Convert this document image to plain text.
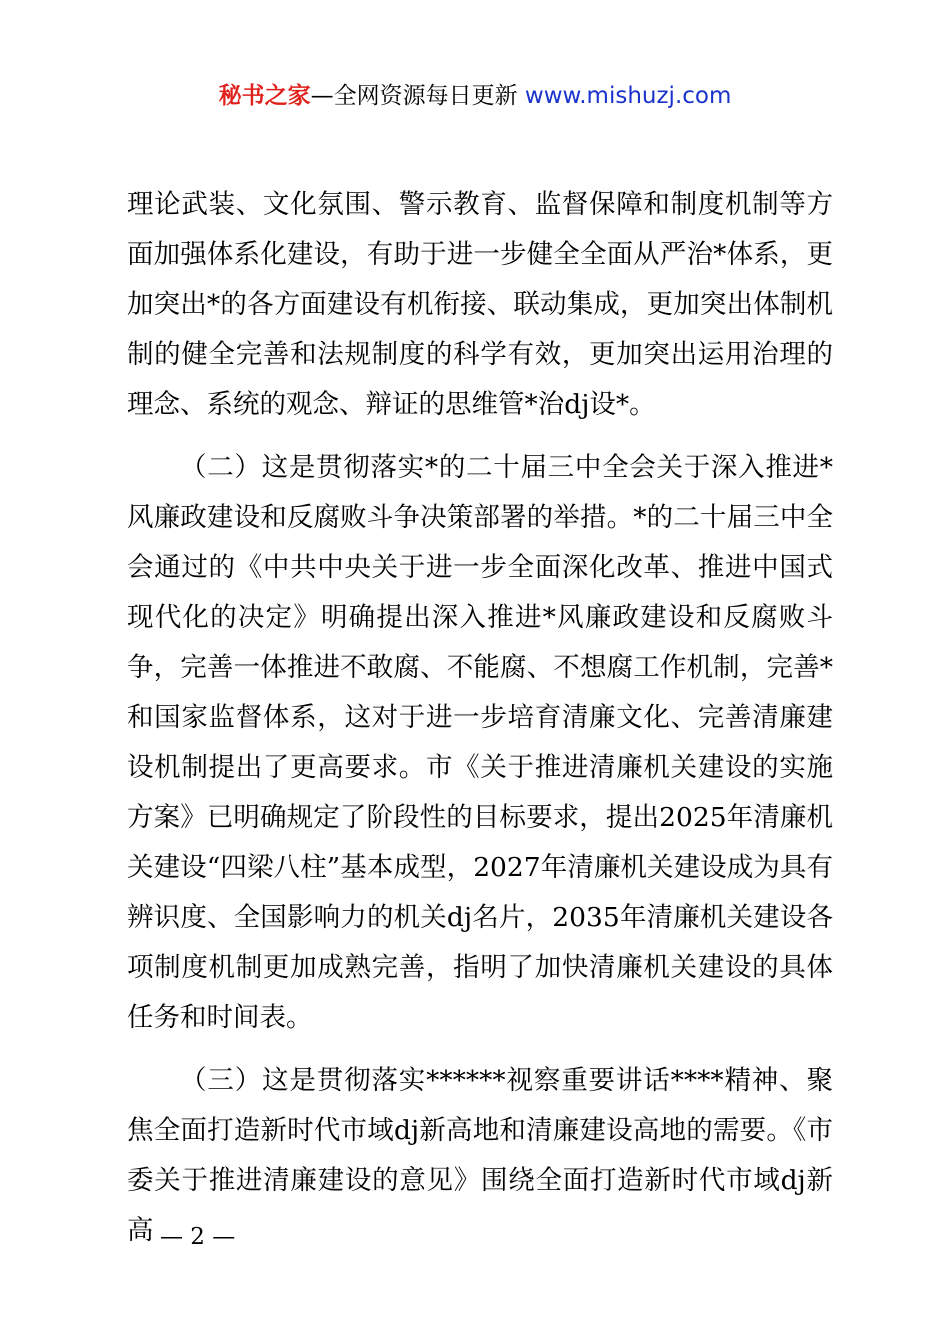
秘书之家—全网资源每日更新 www.mishuzj.com

理论武装、文化氛围、警示教育、监督保障和制度机制等方面加强体系化建设，有助于进一步健全全面从严治*体系，更加突出*的各方面建设有机衔接、联动集成，更加突出体制机制的健全完善和法规制度的科学有效，更加突出运用治理的理念、系统的观念、辩证的思维管*治dj设*。

（二）这是贯彻落实*的二十届三中全会关于深入推进*风廉政建设和反腐败斗争决策部署的举措。*的二十届三中全会通过的《中共中央关于进一步全面深化改革、推进中国式现代化的决定》明确提出深入推进*风廉政建设和反腐败斗争，完善一体推进不敢腐、不能腐、不想腐工作机制，完善*和国家监督体系，这对于进一步培育清廉文化、完善清廉建设机制提出了更高要求。市《关于推进清廉机关建设的实施方案》已明确规定了阶段性的目标要求，提出2025年清廉机关建设“四梁八柱”基本成型，2027年清廉机关建设成为具有辨识度、全国影响力的机关dj名片，2035年清廉机关建设各项制度机制更加成熟完善，指明了加快清廉机关建设的具体任务和时间表。

（三）这是贯彻落实******视察重要讲话****精神、聚焦全面打造新时代市域dj新高地和清廉建设高地的需要。《市委关于推进清廉建设的意见》围绕全面打造新时代市域dj新高 — 2 —
